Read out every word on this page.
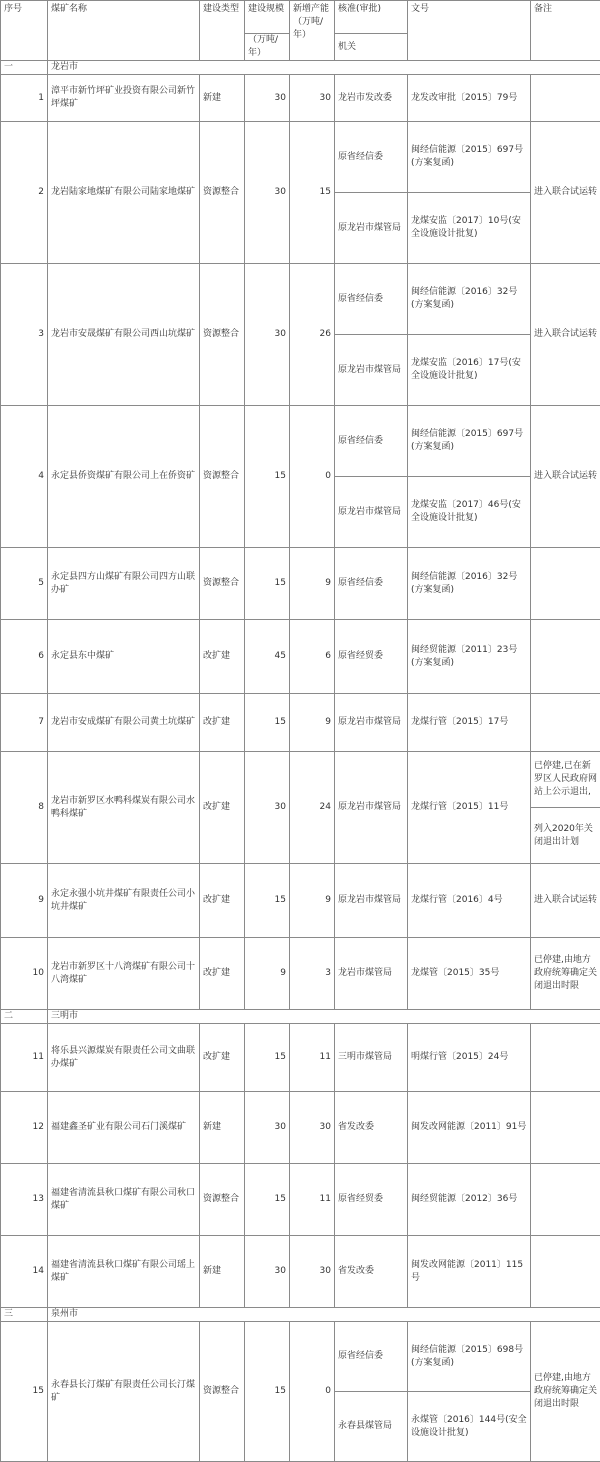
序号	煤矿名称	建设类型	建设规模	新增产能（万吨/年）	核准(审批)	文号	备注
			（万吨/年）		机关		
一	龙岩市						
1	漳平市新竹坪矿业投资有限公司新竹坪煤矿	新建	30	30	龙岩市发改委	龙发改审批〔2015〕79号	
2	龙岩陆家地煤矿有限公司陆家地煤矿	资源整合	30	15	原省经信委	闽经信能源〔2015〕697号(方案复函)	进入联合试运转
					原龙岩市煤管局	龙煤安监〔2017〕10号(安全设施设计批复)	
3	龙岩市安晟煤矿有限公司西山坑煤矿	资源整合	30	26	原省经信委	闽经信能源〔2016〕32号(方案复函)	进入联合试运转
					原龙岩市煤管局	龙煤安监〔2016〕17号(安全设施设计批复)	
4	永定县侨资煤矿有限公司上在侨资矿	资源整合	15	0	原省经信委	闽经信能源〔2015〕697号(方案复函)	进入联合试运转
					原龙岩市煤管局	龙煤安监〔2017〕46号(安全设施设计批复)	
5	永定县四方山煤矿有限公司四方山联办矿	资源整合	15	9	原省经信委	闽经信能源〔2016〕32号(方案复函)	
6	永定县东中煤矿	改扩建	45	6	原省经贸委	闽经贸能源〔2011〕23号(方案复函)	
7	龙岩市安成煤矿有限公司黄土坑煤矿	改扩建	15	9	原龙岩市煤管局	龙煤行管〔2015〕17号	
8	龙岩市新罗区水鸭科煤炭有限公司水鸭科煤矿	改扩建	30	24	原龙岩市煤管局	龙煤行管〔2015〕11号	已停建,已在新罗区人民政府网站上公示退出,
							列入2020年关闭退出计划
9	永定永强小坑井煤矿有限责任公司小坑井煤矿	改扩建	15	9	原龙岩市煤管局	龙煤行管〔2016〕4号	进入联合试运转
10	龙岩市新罗区十八湾煤矿有限公司十八湾煤矿	改扩建	9	3	龙岩市煤管局	龙煤管〔2015〕35号	已停建,由地方政府统筹确定关闭退出时限
二	三明市						
11	将乐县兴源煤炭有限责任公司文曲联办煤矿	改扩建	15	11	三明市煤管局	明煤行管〔2015〕24号	
12	福建鑫圣矿业有限公司石门溪煤矿	新建	30	30	省发改委	闽发改网能源〔2011〕91号	
13	福建省清流县秋口煤矿有限公司秋口煤矿	资源整合	15	11	原省经贸委	闽经贸能源〔2012〕36号	
14	福建省清流县秋口煤矿有限公司瑶上煤矿	新建	30	30	省发改委	闽发改网能源〔2011〕115号	
三	泉州市						
15	永春县长汀煤矿有限责任公司长汀煤矿	资源整合	15	0	原省经信委	闽经信能源〔2015〕698号(方案复函)	已停建,由地方政府统筹确定关闭退出时限
					永春县煤管局	永煤管〔2016〕144号(安全设施设计批复)	
